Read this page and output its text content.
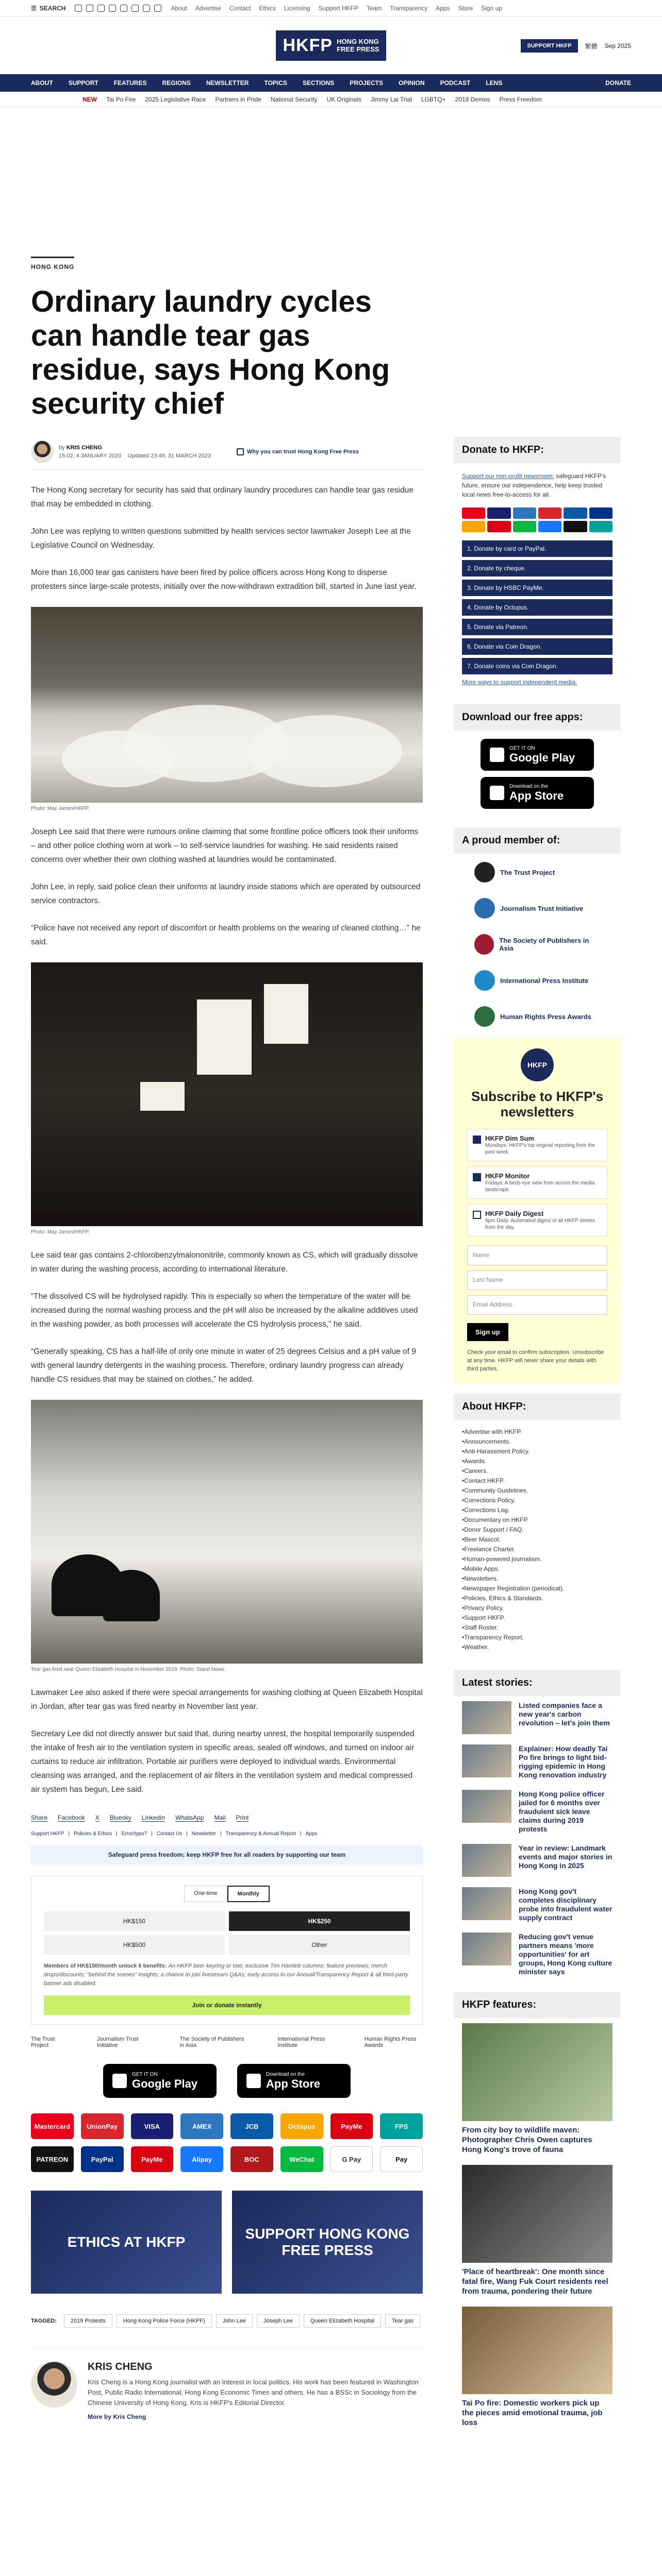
☰ SEARCH	About Advertise Contact Ethics Licensing Support HKFP Team Transparency Apps Store Sign up
HKFP HONG KONG
FREE PRESS	SUPPORT HKFP	繁體 Sep 2025
ABOUT	SUPPORT	FEATURES	REGIONS	NEWSLETTER	TOPICS	SECTIONS	PROJECTS	OPINION	PODCAST	LENS	DONATE
NEW Tai Po Fire 2025 Legislative Race Partners in Pride National Security UK Originals Jimmy Lai Trial LGBTQ+ 2019 Demos Press Freedom
HONG KONG
Ordinary laundry cycles can handle tear gas residue, says Hong Kong security chief
by KRIS CHENG
15:02, 4 JANUARY 2020 Updated 23:49, 31 MARCH 2023
Why you can trust Hong Kong Free Press

The Hong Kong secretary for security has said that ordinary laundry procedures can handle tear gas residue that may be embedded in clothing.

John Lee was replying to written questions submitted by health services sector lawmaker Joseph Lee at the Legislative Council on Wednesday.

More than 16,000 tear gas canisters have been fired by police officers across Hong Kong to disperse protesters since large-scale protests, initially over the now-withdrawn extradition bill, started in June last year.

Photo: May James/HKFP.

Joseph Lee said that there were rumours online claiming that some frontline police officers took their uniforms – and other police clothing worn at work – to self-service laundries for washing. He said residents raised concerns over whether their own clothing washed at laundries would be contaminated.

John Lee, in reply, said police clean their uniforms at laundry inside stations which are operated by outsourced service contractors.

“Police have not received any report of discomfort or health problems on the wearing of cleaned clothing…” he said.

Photo: May James/HKFP.

Lee said tear gas contains 2-chlorobenzylmalononitrile, commonly known as CS, which will gradually dissolve in water during the washing process, according to international literature.

“The dissolved CS will be hydrolysed rapidly. This is especially so when the temperature of the water will be increased during the normal washing process and the pH will also be increased by the alkaline additives used in the washing powder, as both processes will accelerate the CS hydrolysis process,” he said.

“Generally speaking, CS has a half-life of only one minute in water of 25 degrees Celsius and a pH value of 9 with general laundry detergents in the washing process. Therefore, ordinary laundry progress can already handle CS residues that may be stained on clothes,” he added.

Tear gas fired near Queen Elizabeth Hospital in November 2019. Photo: Stand News.

Lawmaker Lee also asked if there were special arrangements for washing clothing at Queen Elizabeth Hospital in Jordan, after tear gas was fired nearby in November last year.

Secretary Lee did not directly answer but said that, during nearby unrest, the hospital temporarily suspended the intake of fresh air to the ventilation system in specific areas, sealed off windows, and turned on indoor air curtains to reduce air infiltration. Portable air purifiers were deployed to individual wards. Environmental cleansing was arranged, and the replacement of air filters in the ventilation system and medical compressed air system has begun, Lee said.

Share Facebook X Bluesky LinkedIn WhatsApp Mail Print
Support HKFP | Policies & Ethics | Error/typo? | Contact Us | Newsletter | Transparency & Annual Report | Apps
Safeguard press freedom; keep HKFP free for all readers by supporting our team
One-time	Monthly
HK$150	HK$250
HK$500	Other
Members of HK$150/month unlock 6 benefits: An HKFP beer keyring or tote; exclusive Tim Hamlett columns; feature previews; merch drops/discounts; "behind the scenes" insights; a chance to join livestream Q&As; early access to our Annual/Transparency Report & all third-party banner ads disabled.
Join or donate instantly
The Trust Project
Journalism Trust Initiative
The Society of Publishers in Asia
International Press Institute
Human Rights Press Awards
GET IT ON
Google Play
Download on the
App Store
Mastercard	UnionPay	VISA	AMEX	JCB	Octopus	PayMe	FPS
PATREON	PayPal	PayMe	Alipay	BOC	WeChat	G Pay	Pay
ETHICS AT HKFP
SUPPORT HONG KONG FREE PRESS
TAGGED:	2019 Protests	Hong Kong Police Force (HKPF)	John Lee	Joseph Lee	Queen Elizabeth Hospital	Tear gas
KRIS CHENG

Kris Cheng is a Hong Kong journalist with an interest in local politics. His work has been featured in Washington Post, Public Radio International, Hong Kong Economic Times and others. He has a BSSc in Sociology from the Chinese University of Hong Kong. Kris is HKFP's Editorial Director.

More by Kris Cheng
Donate to HKFP:
Support our non-profit newsroom: safeguard HKFP's future, ensure our independence, help keep trusted local news free-to-access for all.
1. Donate by card or PayPal.
2. Donate by cheque.
3. Donate by HSBC PayMe.
4. Donate by Octopus.
5. Donate via Patreon.
6. Donate via Coin Dragon.
7. Donate coins via Coin Dragon.
More ways to support independent media.
Download our free apps:
GET IT ON
Google Play
Download on the
App Store
A proud member of:
The Trust Project
Journalism Trust Initiative
The Society of Publishers in Asia
International Press Institute
Human Rights Press Awards
HKFP
Subscribe to HKFP's newsletters
HKFP Dim Sum
Mondays: HKFP's top original reporting from the past week.
HKFP Monitor
Fridays: A birds-eye view from across the media landscape.
HKFP Daily Digest
9pm Daily: Automated digest of all HKFP stories from the day.
Name
Last Name
Email Address
Sign up
Check your email to confirm subscription. Unsubscribe at any time. HKFP will never share your details with third parties.
About HKFP:
• Advertise with HKFP.
• Announcements.
• Anti-Harassment Policy.
• Awards.
• Careers.
• Contact HKFP.
• Community Guidelines.
• Corrections Policy.
• Corrections Log.
• Documentary on HKFP.
• Donor Support / FAQ.
• Beer Mascot.
• Freelance Charter.
• Human-powered journalism.
• Mobile Apps.
• Newsletters.
• Newspaper Registration (periodical).
• Policies, Ethics & Standards.
• Privacy Policy.
• Support HKFP.
• Staff Roster.
• Transparency Report.
• Weather.
Latest stories:
Listed companies face a new year's carbon revolution – let's join them
Explainer: How deadly Tai Po fire brings to light bid-rigging epidemic in Hong Kong renovation industry
Hong Kong police officer jailed for 6 months over fraudulent sick leave claims during 2019 protests
Year in review: Landmark events and major stories in Hong Kong in 2025
Hong Kong gov't completes disciplinary probe into fraudulent water supply contract
Reducing gov't venue partners means 'more opportunities' for art groups, Hong Kong culture minister says
HKFP features:
From city boy to wildlife maven: Photographer Chris Owen captures Hong Kong's trove of fauna
'Place of heartbreak': One month since fatal fire, Wang Fuk Court residents reel from trauma, pondering their future
Tai Po fire: Domestic workers pick up the pieces amid emotional trauma, job loss
